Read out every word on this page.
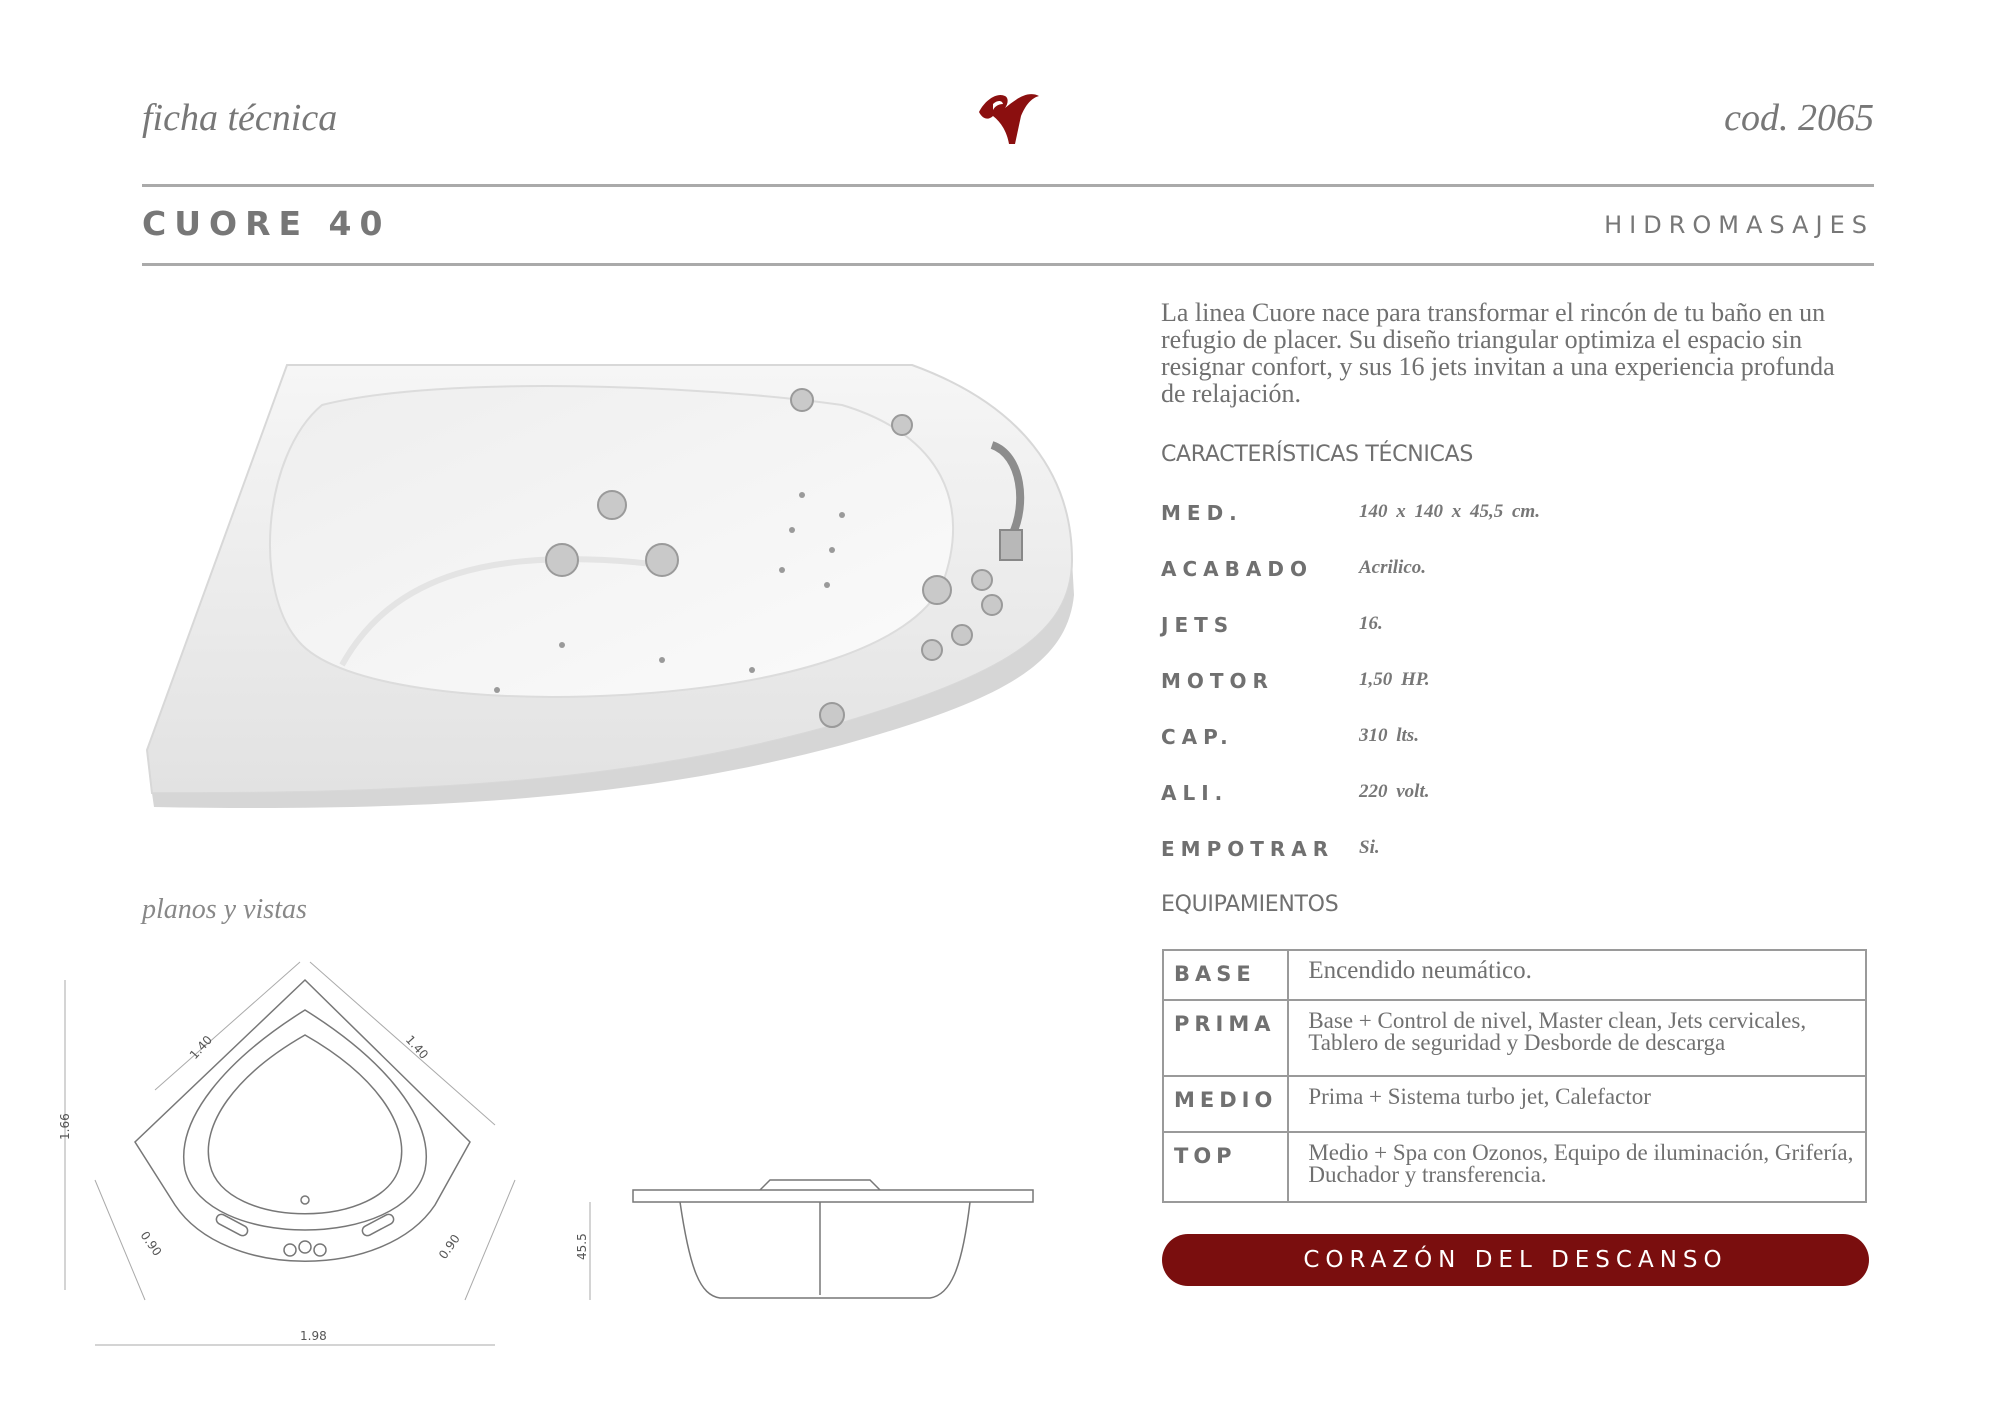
ficha técnica	cod. 2065
CUORE 40	HIDROMASAJES
La linea Cuore nace para transformar el rincón de tu baño en un refugio de placer. Su diseño triangular optimiza el espacio sin resignar confort, y sus 16 jets invitan a una experiencia profunda de relajación.
CARACTERÍSTICAS TÉCNICAS
MED.	140 x 140 x 45,5 cm.
ACABADO Acrilico.
JETS	16.
MOTOR	1,50 HP.
CAP.	310 lts.
ALI.	220 volt.
EMPOTRAR Si.
EQUIPAMIENTOS
BASE	Encendido neumático.
PRIMA	Base + Control de nivel, Master clean, Jets cervicales, Tablero de seguridad y Desborde de descarga
MEDIO	Prima + Sistema turbo jet, Calefactor
TOP	Medio + Spa con Ozonos, Equipo de iluminación, Grifería, Duchador y transferencia.
CORAZÓN DEL DESCANSO
planos y vistas
1.66
1.40	1.40
0.90	0.90
1.98
45.5
